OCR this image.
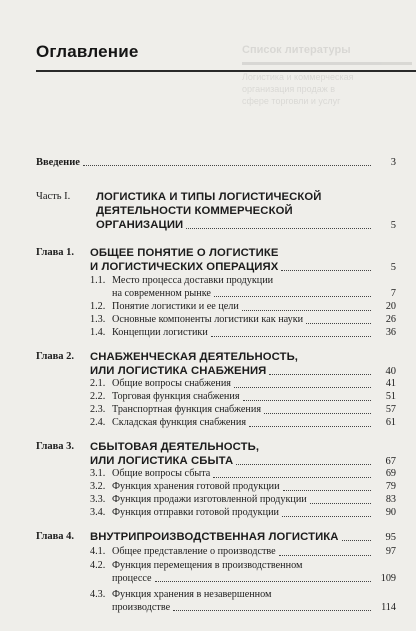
Список литературы
Логистика и коммерческая
организация продаж в
сфере торговли и услуг
Оглавление
Введение	3
Часть I.	ЛОГИСТИКА И ТИПЫ ЛОГИСТИЧЕСКОЙ
ДЕЯТЕЛЬНОСТИ КОММЕРЧЕСКОЙ
ОРГАНИЗАЦИИ	5
Глава 1.	ОБЩЕЕ ПОНЯТИЕ О ЛОГИСТИКЕ
И ЛОГИСТИЧЕСКИХ ОПЕРАЦИЯХ	5
1.1. Место процесса доставки продукции
на современном рынке	7
1.2. Понятие логистики и ее цели	20
1.3. Основные компоненты логистики как науки	26
1.4. Концепции логистики	36
Глава 2.	СНАБЖЕНЧЕСКАЯ ДЕЯТЕЛЬНОСТЬ,
ИЛИ ЛОГИСТИКА СНАБЖЕНИЯ	40
2.1. Общие вопросы снабжения	41
2.2. Торговая функция снабжения	51
2.3. Транспортная функция снабжения	57
2.4. Складская функция снабжения	61
Глава 3.	СБЫТОВАЯ ДЕЯТЕЛЬНОСТЬ,
ИЛИ ЛОГИСТИКА СБЫТА	67
3.1. Общие вопросы сбыта	69
3.2. Функция хранения готовой продукции	79
3.3. Функция продажи изготовленной продукции	83
3.4. Функция отправки готовой продукции	90
Глава 4.	ВНУТРИПРОИЗВОДСТВЕННАЯ ЛОГИСТИКА	95
4.1. Общее представление о производстве	97
4.2. Функция перемещения в производственном
процессе	109
4.3. Функция хранения в незавершенном
производстве	114
